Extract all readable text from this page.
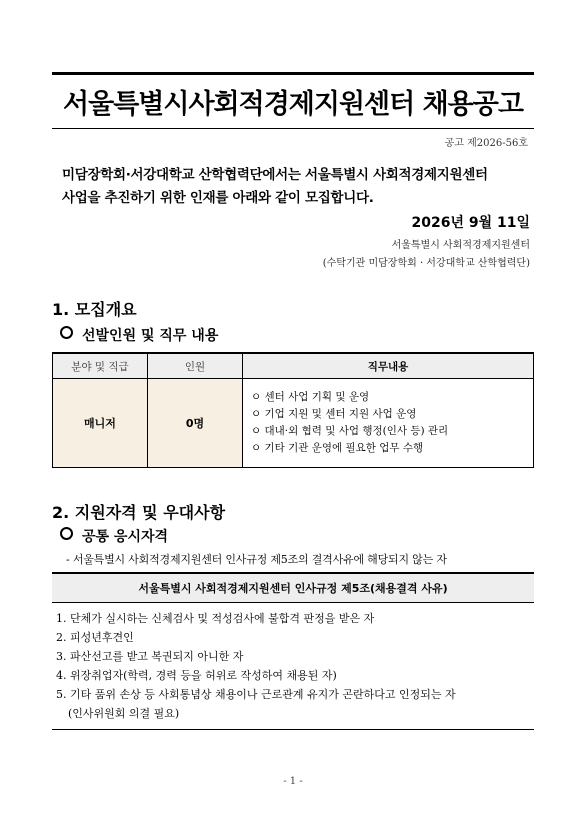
서울특별시사회적경제지원센터 채용공고
공고 제2026-56호
미담장학회·서강대학교 산학협력단에서는 서울특별시 사회적경제지원센터
사업을 추진하기 위한 인재를 아래와 같이 모집합니다.
2026년 9월 11일
서울특별시 사회적경제지원센터
(수탁기관 미담장학회 · 서강대학교 산학협력단)
1. 모집개요
선발인원 및 직무 내용
분야 및 직급	인원	직무내용
매니저	0명	ㅇ 센터 사업 기획 및 운영
ㅇ 기업 지원 및 센터 지원 사업 운영
ㅇ 대내·외 협력 및 사업 행정(인사 등) 관리
ㅇ 기타 기관 운영에 필요한 업무 수행
2. 지원자격 및 우대사항
공통 응시자격
- 서울특별시 사회적경제지원센터 인사규정 제5조의 결격사유에 해당되지 않는 자
서울특별시 사회적경제지원센터 인사규정 제5조(채용결격 사유)

1. 단체가 실시하는 신체검사 및 적성검사에 불합격 판정을 받은 자
2. 피성년후견인
3. 파산선고를 받고 복권되지 아니한 자
4. 위장취업자(학력, 경력 등을 허위로 작성하여 채용된 자)
5. 기타 품위 손상 등 사회통념상 채용이나 근로관계 유지가 곤란하다고 인정되는 자
(인사위원회 의결 필요)
- 1 -
